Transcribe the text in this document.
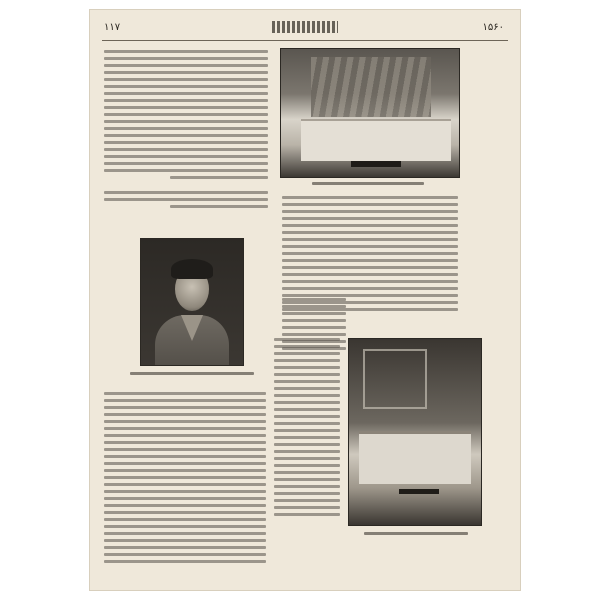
۱۱۷	۱۵۶۰
